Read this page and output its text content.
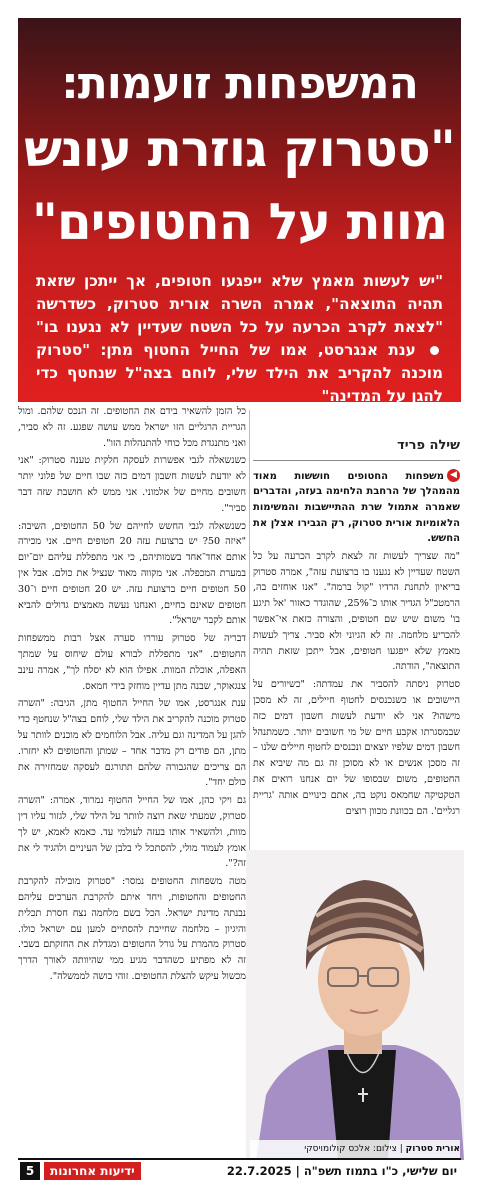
המשפחות זועמות:
"סטרוק גוזרת עונש
מוות על החטופים"
"יש לעשות מאמץ שלא ייפגעו חטופים, אך ייתכן שזאת תהיה התוצאה", אמרה השרה אורית סטרוק, כשדרשה "לצאת לקרב הכרעה על כל השטח שעדיין לא נגענו בו"  ענת אנגרסט, אמו של החייל החטוף מתן: "סטרוק מוכנה להקריב את הילד שלי, לוחם בצה"ל שנחטף כדי להגן על המדינה"
שילה פריד

◀משפחות החטופים חוששות מאוד מהמהלך של הרחבת הלחימה בעזה, והדברים שאמרה אתמול שרת ההתיישבות והמשימות הלאומיות אורית סטרוק, רק הגבירו אצלן את החשש.

"מה שצריך לעשות זה לצאת לקרב הכרעה על כל השטח שעדיין לא נגענו בו ברצועת עזה", אמרה סטרוק בריאיון לתחנת הרדיו "קול ברמה". "אנו אוחזים בה, הרמטכ"ל הגדיר אותו כ־25%, שהוגדר כאזור 'אל תיגע בו' משום שיש שם חטופים, והצורה כזאת אי־אפשר להכריע מלחמה. זה לא הגיוני ולא סביר. צריך לעשות מאמץ שלא ייפגעו חטופים, אבל ייתכן שזאת תהיה התוצאה", הודתה.

סטרוק ניסתה להסביר את עמדתה: "כשיורים על היישובים או כשנכנסים לחטוף חיילים, זה לא מסכן מישהו? אני לא יודעת לעשות חשבון דמים כזה שבמסגרתו אקבע חיים של מי חשובים יותר. כשמתנהל חשבון דמים שלפיו יוצאים ונכנסים לחטוף חיילים שלנו – זה מסכן אנשים או לא מסוכן זה גם מה שיביא את החטופים, משום שבסופו של יום אנחנו רואים את הטקטיקה שחמאס נוקט בה, אתם כינויים אותה 'גריית רגליים'. הם בכוונת מכוון רוצים

כל הזמן להשאיר בידם את החטופים. זה הנכס שלהם. ומול הגריית הרגליים הזו ישראל ממש עושה שפגע. זה לא סביר, ואני מתנגדת מכל כוחי להתנהלות הזו".

כשנשאלה לגבי אפשרות לעסקה חלקית טענה סטרוק: "אני לא יודעת לעשות חשבון דמים כזה שבו חיים של פלוני יותר חשובים מחיים של אלמוני. אני ממש לא חושבת שזה דבר סביר".

כשנשאלה לגבי החשש לחייהם של 50 החטופים, השיבה: "איזה 50? יש ברצועת עזה 20 חטופים חיים. אני מכירה אותם אחד־אחד בשמותיהם, כי אני מתפללת עליהם יום־יום במערת המכפלה. אני מקווה מאוד שנציל את כולם. אבל אין 50 חטופים חיים ברצועת עזה. יש 20 חטופים חיים ו־30 חטופים שאינם בחיים, ואנחנו נעשה מאמצים גדולים להביא אותם לקבר ישראל".

דבריה של סטרוק עוררו סערה אצל רבות ממשפחות החטופים. "אני מתפללת לבורא עולם שיחוס על שמתך האפלה, אוכלת המוות. אפילו הוא לא יסלח לך", אמרה עינב צנגאוקר, שבנה מתן עדיין מוחזק בידי חמאס.

ענת אנגרסט, אמו של החייל החטוף מתן, הגיבה: "השרה סטרוק מוכנה להקריב את הילד שלי, לוחם בצה"ל שנחטף כדי להגן על המדינה וגם עליה. אבל הלוחמים לא מוכנים לוותר על מתן, הם פודים רק מדבר אחד – שמתן והחטופים לא יחזרו. הם צריכים שהגבורה שלהם תתורגם לעסקה שמחזירה את כולם יחד".

גם ויקי כהן, אמו של החייל החטוף נמרוד, אמרה: "השרה סטרוק, שמעתי שאת רוצה לוותר על הילד שלי, לגזור עליו דין מוות, ולהשאיר אותו בעזה לעולמי עד. כאמא לאמא, יש לך אומץ לעמוד מולי, להסתכל לי בלבן של העיניים ולהגיד לי את זה?".

מטה משפחות החטופים נמסר: "סטרוק מובילה להקרבת החטופים והחטופות, ויחד איתם להקרבת הערכים עליהם נבנתה מדינת ישראל. הכל בשם מלחמה נצח חסרת תכלית והיגיון – מלחמה שחייבת להסתיים למען עם ישראל כולו. סטרוק מהמרת על גורל החטופים ומגדלת את החזקתם בשבי. זה לא מפתיע כשהדבר מגיע ממי שהיוותה לאורך הדרך מכשול עיקש להצלת החטופים. זוהי בושה לממשלה".

אורית סטרוק | צילום: אלכס קולומויסקי
יום שלישי, כ"ו בתמוז תשפ"ה | 22.7.2025
ידיעות אחרונות
5
